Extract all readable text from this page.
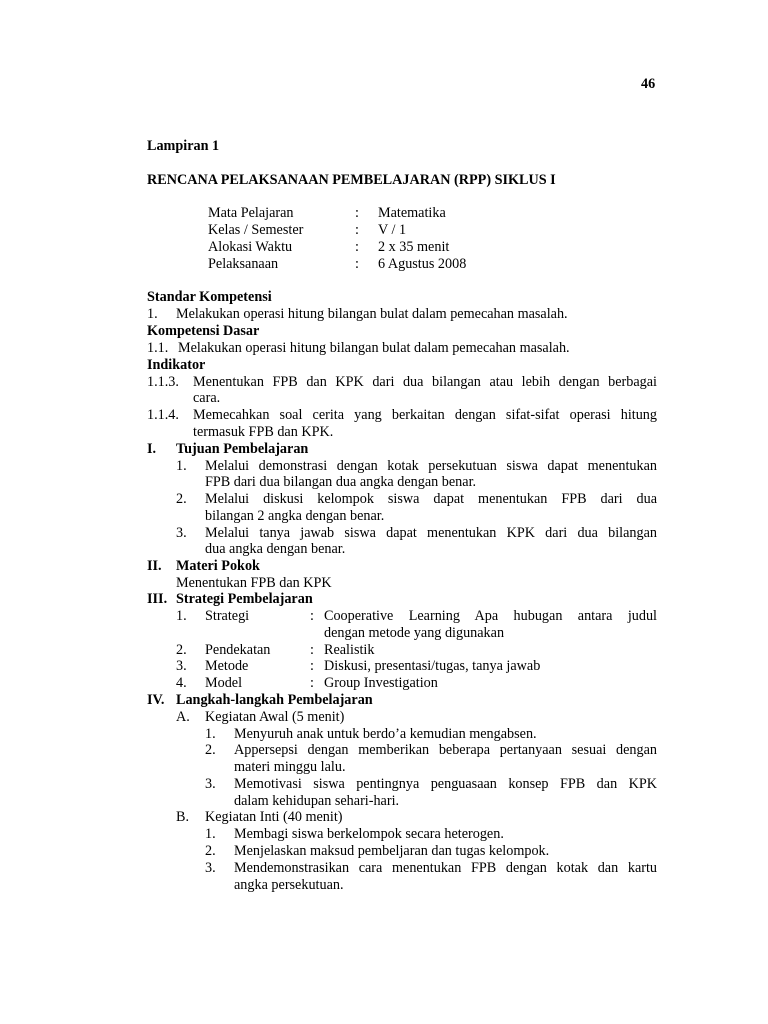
46
Lampiran 1
RENCANA PELAKSANAAN PEMBELAJARAN (RPP) SIKLUS I
Mata Pelajaran	: Matematika
Kelas / Semester	: V / 1
Alokasi Waktu	: 2 x 35 menit
Pelaksanaan	: 6 Agustus 2008
Standar Kompetensi
1. Melakukan operasi hitung bilangan bulat dalam pemecahan masalah.
Kompetensi Dasar
1.1. Melakukan operasi hitung bilangan bulat dalam pemecahan masalah.
Indikator
1.1.3. Menentukan FPB dan KPK dari dua bilangan atau lebih dengan berbagai
cara.
1.1.4. Memecahkan soal cerita yang berkaitan dengan sifat-sifat operasi hitung
termasuk FPB dan KPK.
I. Tujuan Pembelajaran
1. Melalui demonstrasi dengan kotak persekutuan siswa dapat menentukan
FPB dari dua bilangan dua angka dengan benar.
2. Melalui diskusi kelompok siswa dapat menentukan FPB dari dua
bilangan 2 angka dengan benar.
3. Melalui tanya jawab siswa dapat menentukan KPK dari dua bilangan
dua angka dengan benar.
II. Materi Pokok
Menentukan FPB dan KPK
III. Strategi Pembelajaran
1. Strategi	: Cooperative Learning Apa hubugan antara judul
dengan metode yang digunakan
2. Pendekatan	: Realistik
3. Metode	: Diskusi, presentasi/tugas, tanya jawab
4. Model	: Group Investigation
IV. Langkah-langkah Pembelajaran
A. Kegiatan Awal (5 menit)
1. Menyuruh anak untuk berdo’a kemudian mengabsen.
2. Appersepsi dengan memberikan beberapa pertanyaan sesuai dengan
materi minggu lalu.
3. Memotivasi siswa pentingnya penguasaan konsep FPB dan KPK
dalam kehidupan sehari-hari.
B. Kegiatan Inti (40 menit)
1. Membagi siswa berkelompok secara heterogen.
2. Menjelaskan maksud pembeljaran dan tugas kelompok.
3. Mendemonstrasikan cara menentukan FPB dengan kotak dan kartu
angka persekutuan.
